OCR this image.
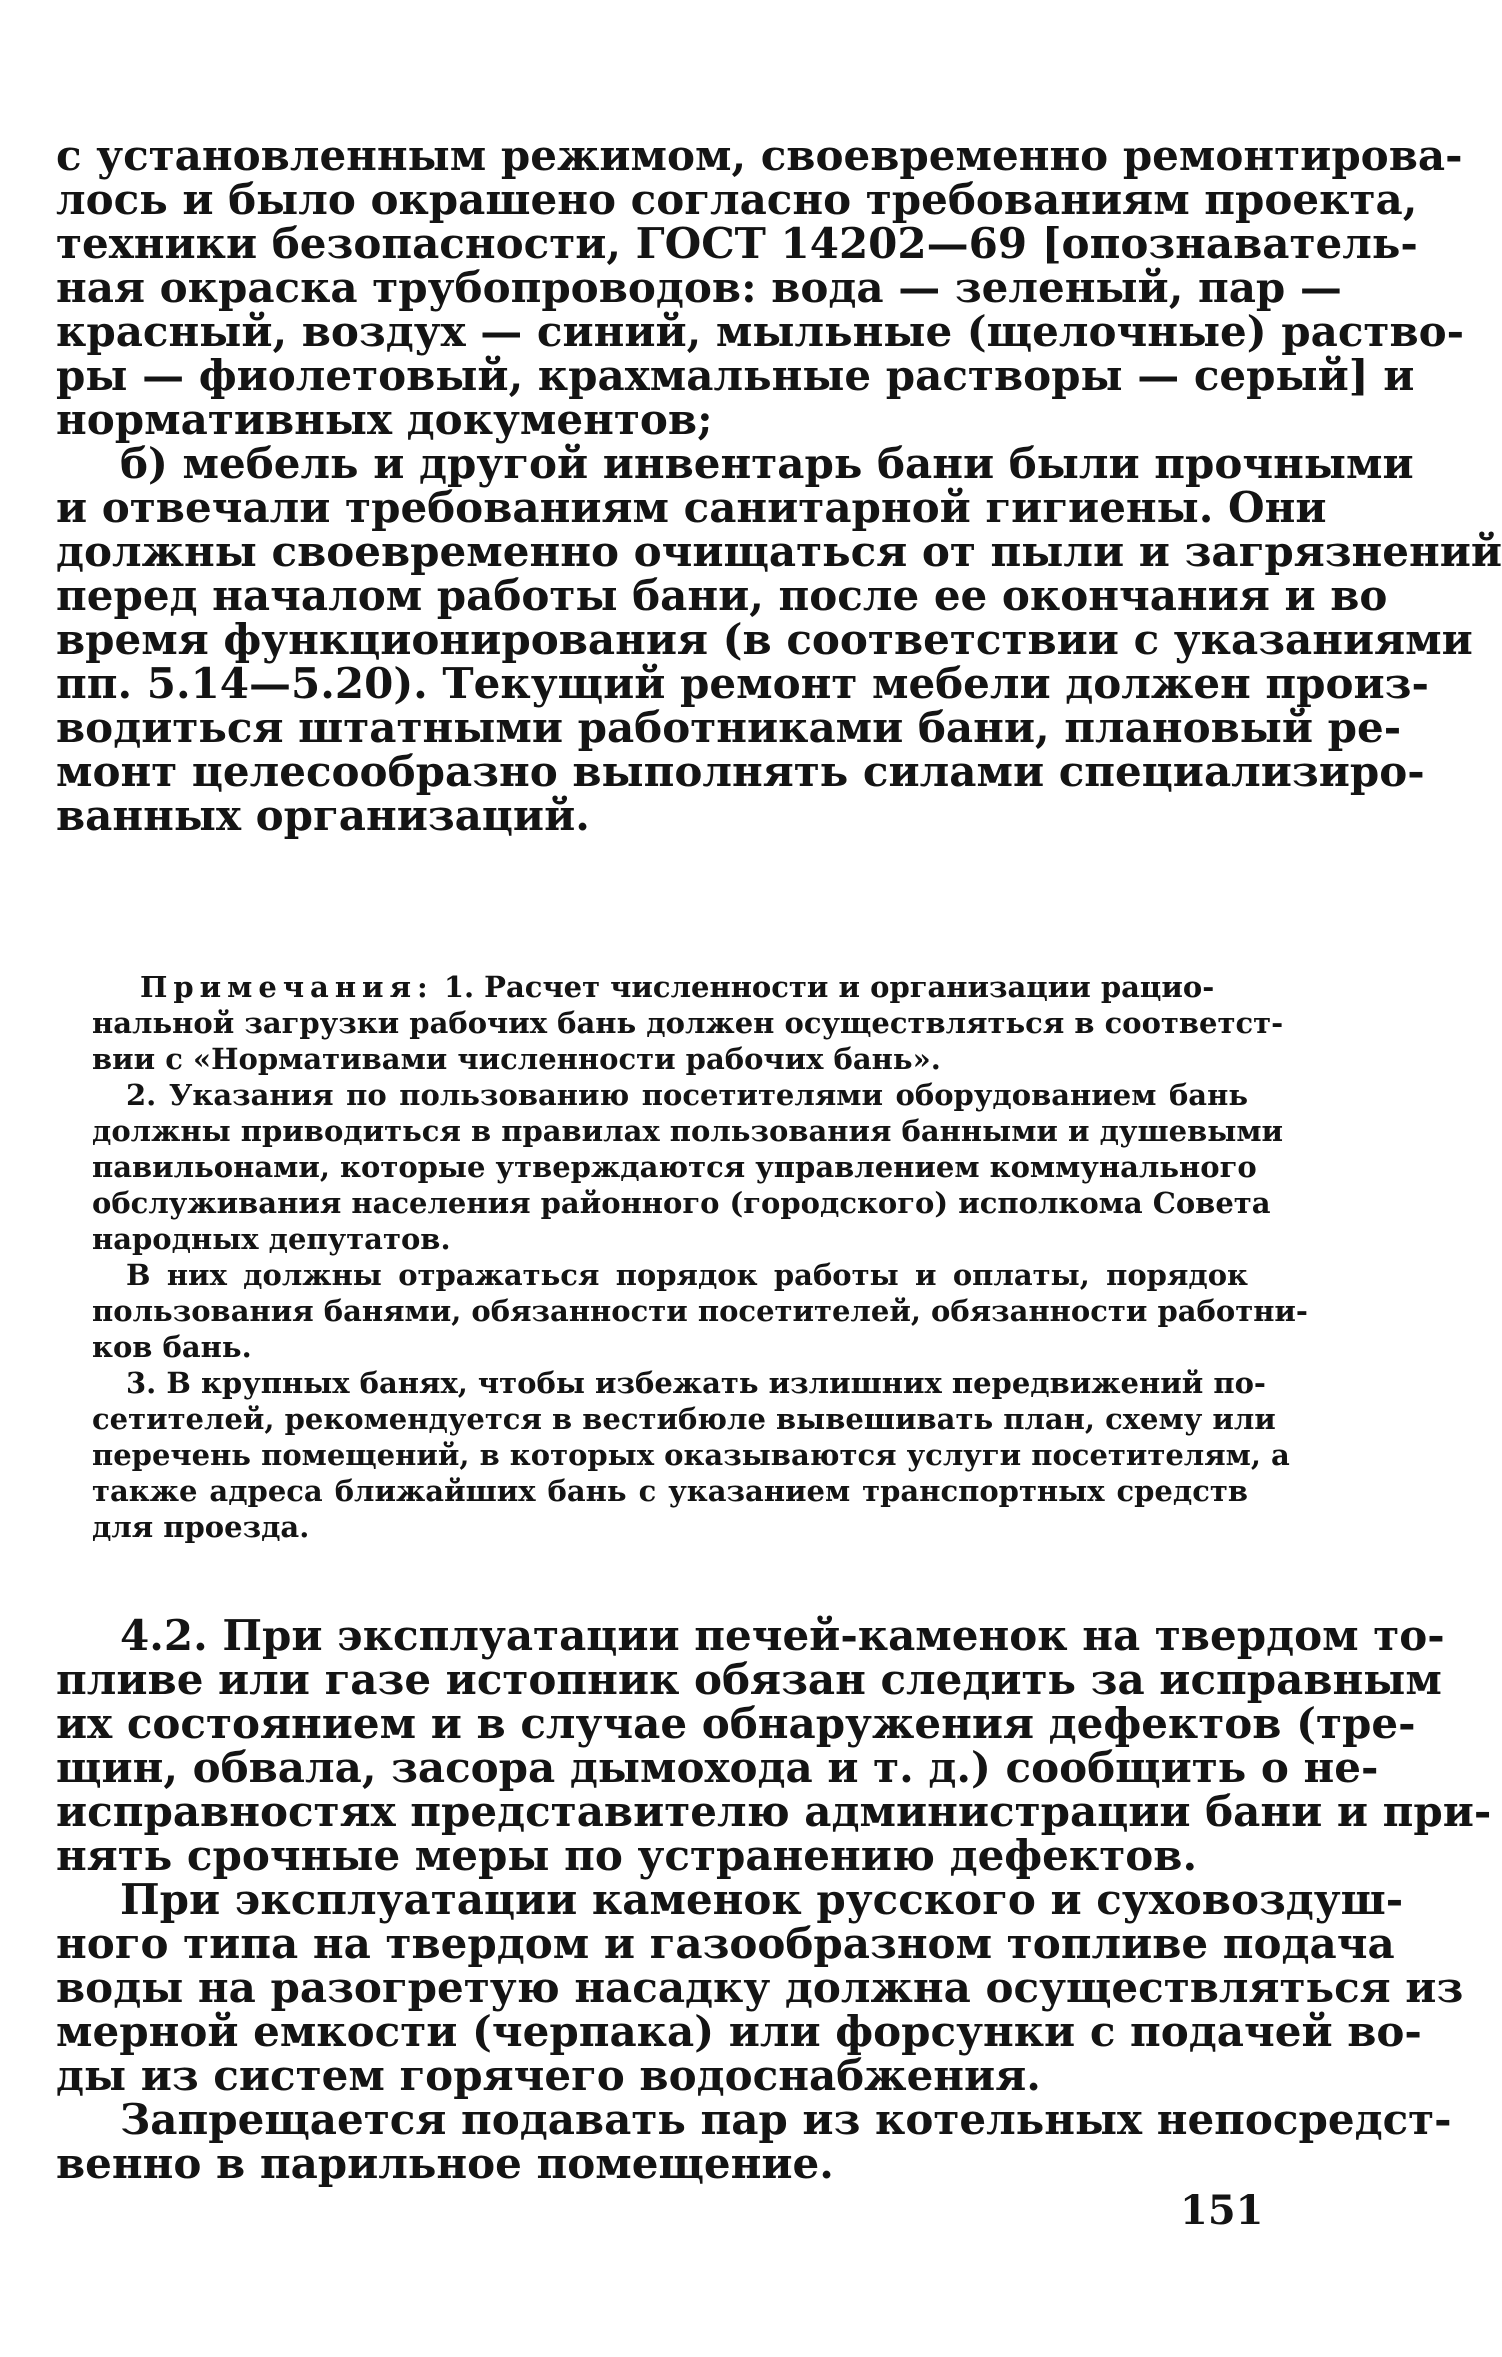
с установленным режимом, своевременно ремонтирова-
лось и было окрашено согласно требованиям проекта,
техники безопасности, ГОСТ 14202—69 [опознаватель-
ная окраска трубопроводов: вода — зеленый, пар —
красный, воздух — синий, мыльные (щелочные) раство-
ры — фиолетовый, крахмальные растворы — серый] и
нормативных документов;
б) мебель и другой инвентарь бани были прочными
и отвечали требованиям санитарной гигиены. Они
должны своевременно очищаться от пыли и загрязнений
перед началом работы бани, после ее окончания и во
время функционирования (в соответствии с указаниями
пп. 5.14—5.20). Текущий ремонт мебели должен произ-
водиться штатными работниками бани, плановый ре-
монт целесообразно выполнять силами специализиро-
ванных организаций.
Примечания: 1. Расчет численности и организации рацио-
нальной загрузки рабочих бань должен осуществляться в соответст-
вии с «Нормативами численности рабочих бань».
2. Указания по пользованию посетителями оборудованием бань
должны приводиться в правилах пользования банными и душевыми
павильонами, которые утверждаются управлением коммунального
обслуживания населения районного (городского) исполкома Совета
народных депутатов.
В них должны отражаться порядок работы и оплаты, порядок
пользования банями, обязанности посетителей, обязанности работни-
ков бань.
3. В крупных банях, чтобы избежать излишних передвижений по-
сетителей, рекомендуется в вестибюле вывешивать план, схему или
перечень помещений, в которых оказываются услуги посетителям, а
также адреса ближайших бань с указанием транспортных средств
для проезда.
4.2. При эксплуатации печей-каменок на твердом то-
пливе или газе истопник обязан следить за исправным
их состоянием и в случае обнаружения дефектов (тре-
щин, обвала, засора дымохода и т. д.) сообщить о не-
исправностях представителю администрации бани и при-
нять срочные меры по устранению дефектов.
При эксплуатации каменок русского и суховоздуш-
ного типа на твердом и газообразном топливе подача
воды на разогретую насадку должна осуществляться из
мерной емкости (черпака) или форсунки с подачей во-
ды из систем горячего водоснабжения.
Запрещается подавать пар из котельных непосредст-
венно в парильное помещение.
151
